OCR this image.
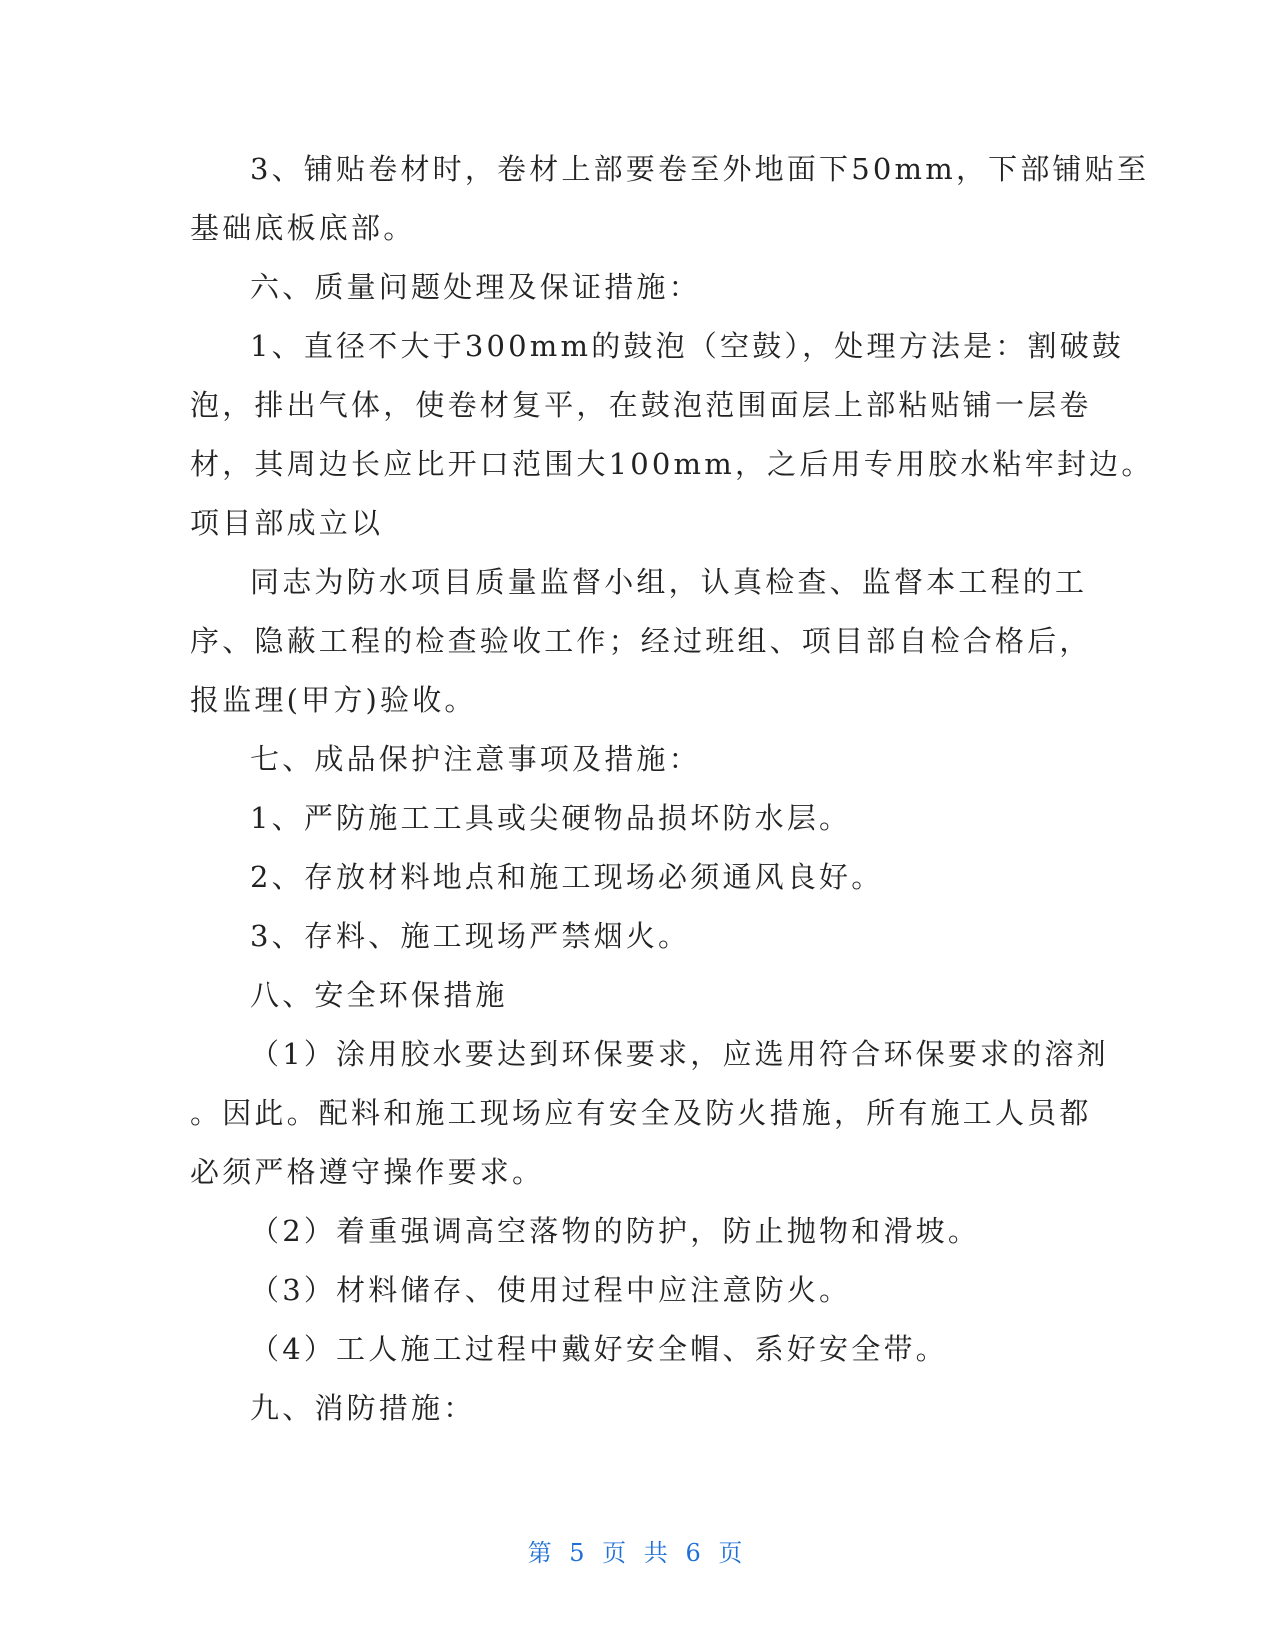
3、铺贴卷材时，卷材上部要卷至外地面下50mm，下部铺贴至
基础底板底部。
六、质量问题处理及保证措施：
1、直径不大于300mm的鼓泡（空鼓），处理方法是：割破鼓
泡，排出气体，使卷材复平，在鼓泡范围面层上部粘贴铺一层卷
材，其周边长应比开口范围大100mm，之后用专用胶水粘牢封边。
项目部成立以
同志为防水项目质量监督小组，认真检查、监督本工程的工
序、隐蔽工程的检查验收工作；经过班组、项目部自检合格后，
报监理(甲方)验收。
七、成品保护注意事项及措施：
1、严防施工工具或尖硬物品损坏防水层。
2、存放材料地点和施工现场必须通风良好。
3、存料、施工现场严禁烟火。
八、安全环保措施
（1）涂用胶水要达到环保要求，应选用符合环保要求的溶剂
。因此。配料和施工现场应有安全及防火措施，所有施工人员都
必须严格遵守操作要求。
（2）着重强调高空落物的防护，防止抛物和滑坡。
（3）材料储存、使用过程中应注意防火。
（4）工人施工过程中戴好安全帽、系好安全带。
九、消防措施：
第 5 页 共 6 页
